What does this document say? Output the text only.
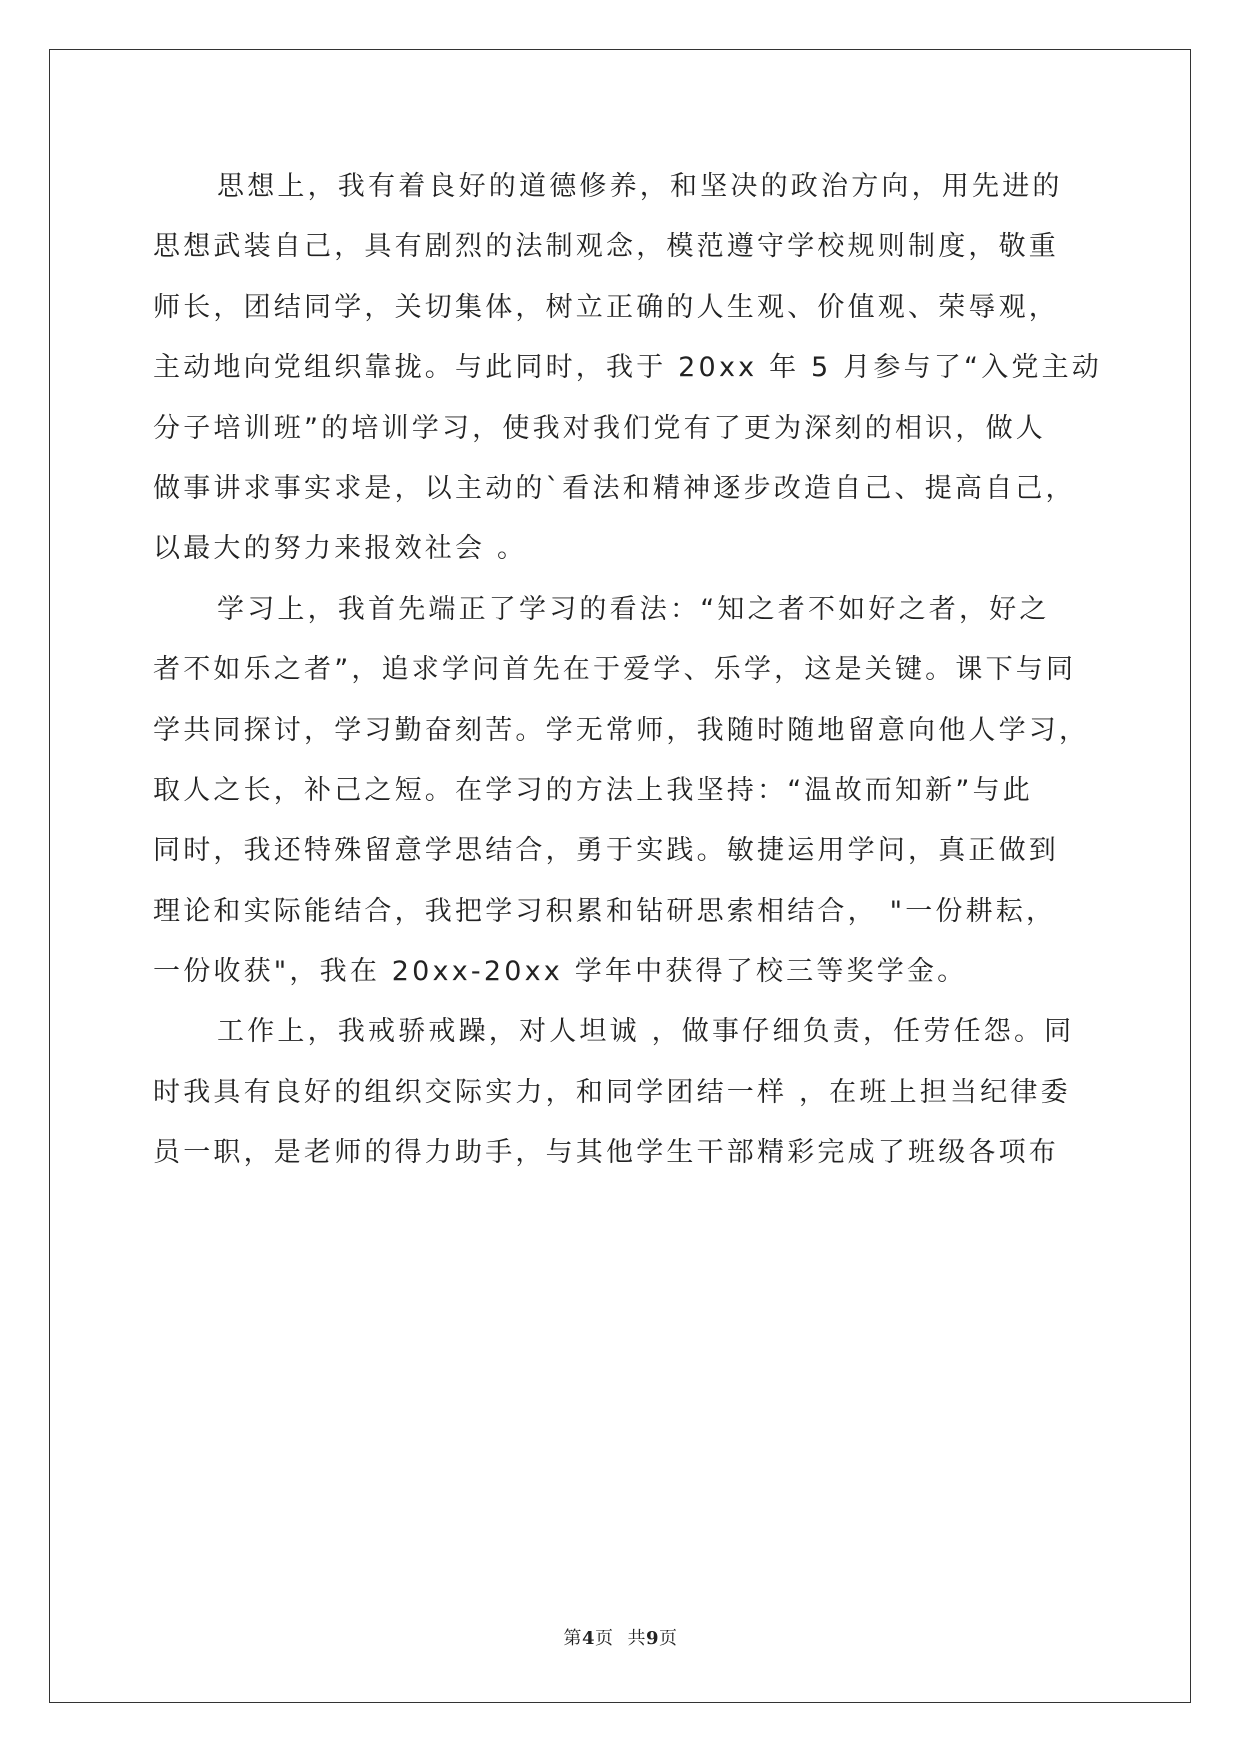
思想上，我有着良好的道德修养，和坚决的政治方向，用先进的
思想武装自己，具有剧烈的法制观念，模范遵守学校规则制度，敬重
师长，团结同学，关切集体，树立正确的人生观、价值观、荣辱观，
主动地向党组织靠拢。与此同时，我于 20xx 年 5 月参与了“入党主动
分子培训班”的培训学习，使我对我们党有了更为深刻的相识，做人
做事讲求事实求是，以主动的`看法和精神逐步改造自己、提高自己，
以最大的努力来报效社会 。
学习上，我首先端正了学习的看法：“知之者不如好之者，好之
者不如乐之者”，追求学问首先在于爱学、乐学，这是关键。课下与同
学共同探讨，学习勤奋刻苦。学无常师，我随时随地留意向他人学习，
取人之长，补己之短。在学习的方法上我坚持：“温故而知新”与此
同时，我还特殊留意学思结合，勇于实践。敏捷运用学问，真正做到
理论和实际能结合，我把学习积累和钻研思索相结合， "一份耕耘，
一份收获"，我在 20xx-20xx 学年中获得了校三等奖学金。
工作上，我戒骄戒躁，对人坦诚 ，做事仔细负责，任劳任怨。同
时我具有良好的组织交际实力，和同学团结一样 ，在班上担当纪律委
员一职，是老师的得力助手，与其他学生干部精彩完成了班级各项布
第4页 共9页
